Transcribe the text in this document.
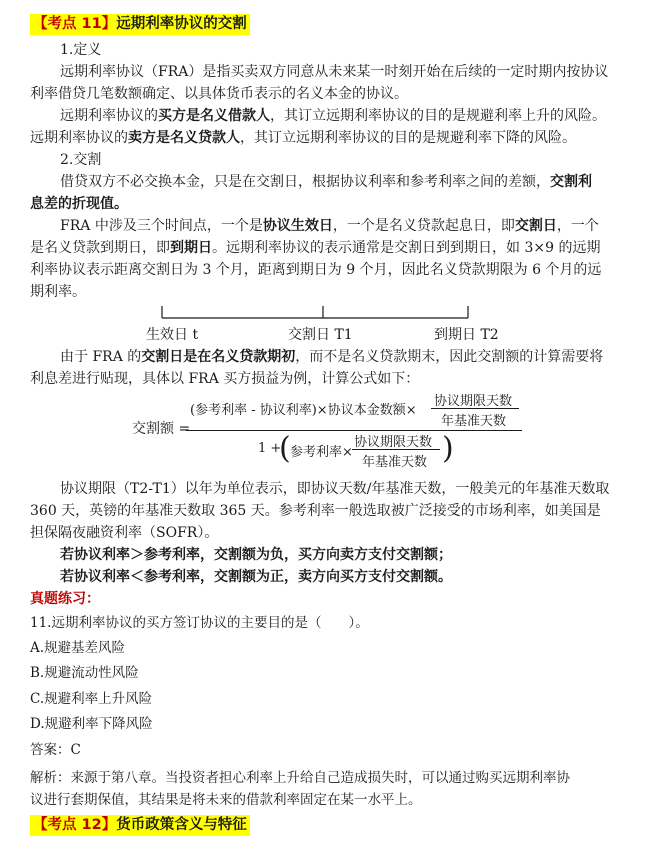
【考点 11】远期利率协议的交割
1.定义
远期利率协议（FRA）是指买卖双方同意从未来某一时刻开始在后续的一定时期内按协议
利率借贷几笔数额确定、以具体货币表示的名义本金的协议。
远期利率协议的买方是名义借款人，其订立远期利率协议的目的是规避利率上升的风险。
远期利率协议的卖方是名义贷款人，其订立远期利率协议的目的是规避利率下降的风险。
2.交割
借贷双方不必交换本金，只是在交割日，根据协议利率和参考利率之间的差额，交割利
息差的折现值。
FRA 中涉及三个时间点，一个是协议生效日，一个是名义贷款起息日，即交割日，一个
是名义贷款到期日，即到期日。远期利率协议的表示通常是交割日到到期日，如 3×9 的远期
利率协议表示距离交割日为 3 个月，距离到期日为 9 个月，因此名义贷款期限为 6 个月的远
期利率。
生效日 t	交割日 T1	到期日 T2
由于 FRA 的交割日是在名义贷款期初，而不是名义贷款期末，因此交割额的计算需要将
利息差进行贴现，具体以 FRA 买方损益为例，计算公式如下：
交割额 =
(参考利率 - 协议利率)×协议本金数额×
协议期限天数
年基准天数
1 +
( 参考利率×
协议期限天数
年基准天数 )
协议期限（T2-T1）以年为单位表示，即协议天数/年基准天数，一般美元的年基准天数取
360 天，英镑的年基准天数取 365 天。参考利率一般选取被广泛接受的市场利率，如美国是
担保隔夜融资利率（SOFR）。
若协议利率＞参考利率，交割额为负，买方向卖方支付交割额；
若协议利率＜参考利率，交割额为正，卖方向买方支付交割额。
真题练习：
11.远期利率协议的买方签订协议的主要目的是（　　）。
A.规避基差风险
B.规避流动性风险
C.规避利率上升风险
D.规避利率下降风险
答案：C
解析：来源于第八章。当投资者担心利率上升给自己造成损失时，可以通过购买远期利率协
议进行套期保值，其结果是将未来的借款利率固定在某一水平上。
【考点 12】货币政策含义与特征
